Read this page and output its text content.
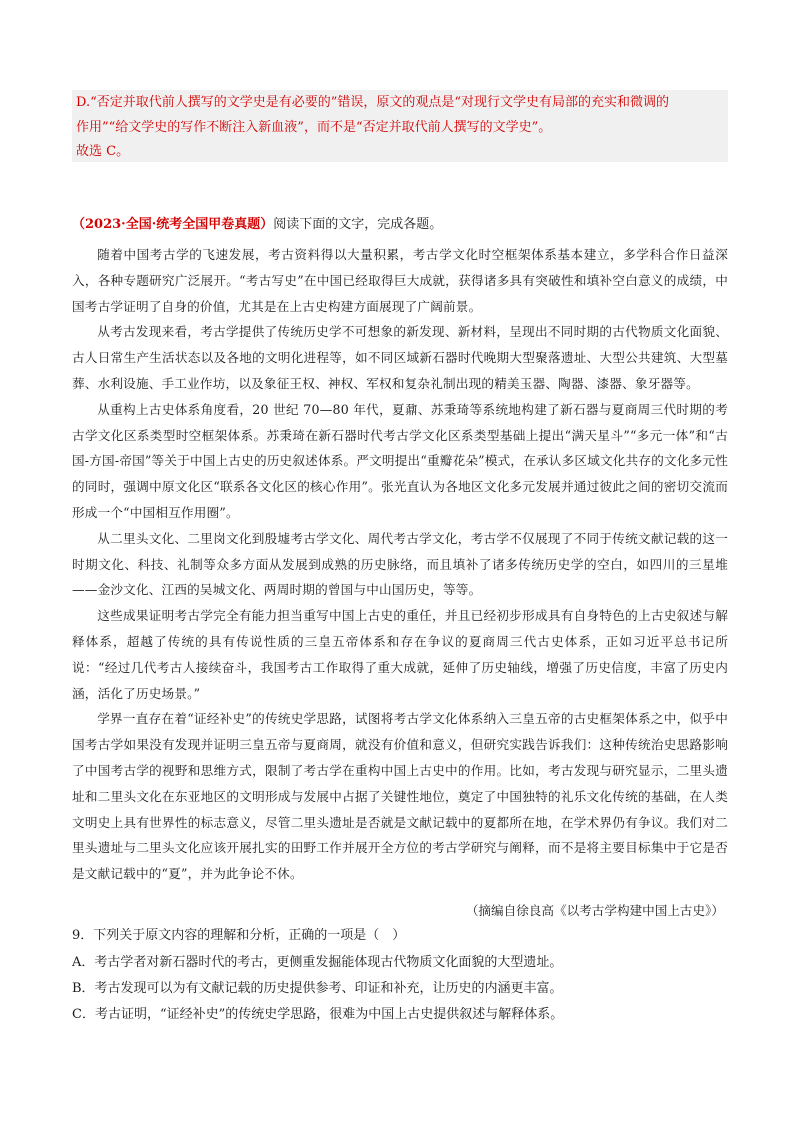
D.“否定并取代前人撰写的文学史是有必要的”错误，原文的观点是“对现行文学史有局部的充实和微调的
作用”“给文学史的写作不断注入新血液”，而不是“否定并取代前人撰写的文学史”。
故选 C。

（2023·全国·统考全国甲卷真题）阅读下面的文字，完成各题。

随着中国考古学的飞速发展，考古资料得以大量积累，考古学文化时空框架体系基本建立，多学科合作日益深入，各种专题研究广泛展开。“考古写史”在中国已经取得巨大成就，获得诸多具有突破性和填补空白意义的成绩，中国考古学证明了自身的价值，尤其是在上古史构建方面展现了广阔前景。

从考古发现来看，考古学提供了传统历史学不可想象的新发现、新材料，呈现出不同时期的古代物质文化面貌、古人日常生产生活状态以及各地的文明化进程等，如不同区域新石器时代晚期大型聚落遗址、大型公共建筑、大型墓葬、水利设施、手工业作坊，以及象征王权、神权、军权和复杂礼制出现的精美玉器、陶器、漆器、象牙器等。

从重构上古史体系角度看，20 世纪 70—80 年代，夏鼐、苏秉琦等系统地构建了新石器与夏商周三代时期的考古学文化区系类型时空框架体系。苏秉琦在新石器时代考古学文化区系类型基础上提出“满天星斗”“多元一体”和“古国-方国-帝国”等关于中国上古史的历史叙述体系。严文明提出“重瓣花朵”模式，在承认多区域文化共存的文化多元性的同时，强调中原文化区“联系各文化区的核心作用”。张光直认为各地区文化多元发展并通过彼此之间的密切交流而形成一个“中国相互作用圈”。

从二里头文化、二里岗文化到殷墟考古学文化、周代考古学文化，考古学不仅展现了不同于传统文献记载的这一时期文化、科技、礼制等众多方面从发展到成熟的历史脉络，而且填补了诸多传统历史学的空白，如四川的三星堆——金沙文化、江西的吴城文化、两周时期的曾国与中山国历史，等等。

这些成果证明考古学完全有能力担当重写中国上古史的重任，并且已经初步形成具有自身特色的上古史叙述与解释体系，超越了传统的具有传说性质的三皇五帝体系和存在争议的夏商周三代古史体系，正如习近平总书记所说：“经过几代考古人接续奋斗，我国考古工作取得了重大成就，延伸了历史轴线，增强了历史信度，丰富了历史内涵，活化了历史场景。”

学界一直存在着“证经补史”的传统史学思路，试图将考古学文化体系纳入三皇五帝的古史框架体系之中，似乎中国考古学如果没有发现并证明三皇五帝与夏商周，就没有价值和意义，但研究实践告诉我们：这种传统治史思路影响了中国考古学的视野和思维方式，限制了考古学在重构中国上古史中的作用。比如，考古发现与研究显示，二里头遗址和二里头文化在东亚地区的文明形成与发展中占据了关键性地位，奠定了中国独特的礼乐文化传统的基础，在人类文明史上具有世界性的标志意义，尽管二里头遗址是否就是文献记载中的夏都所在地，在学术界仍有争议。我们对二里头遗址与二里头文化应该开展扎实的田野工作并展开全方位的考古学研究与阐释，而不是将主要目标集中于它是否是文献记载中的“夏”，并为此争论不休。

（摘编自徐良高《以考古学构建中国上古史》）
9．下列关于原文内容的理解和分析，正确的一项是（　）
A．考古学者对新石器时代的考古，更侧重发掘能体现古代物质文化面貌的大型遗址。
B．考古发现可以为有文献记载的历史提供参考、印证和补充，让历史的内涵更丰富。
C．考古证明，“证经补史”的传统史学思路，很难为中国上古史提供叙述与解释体系。
